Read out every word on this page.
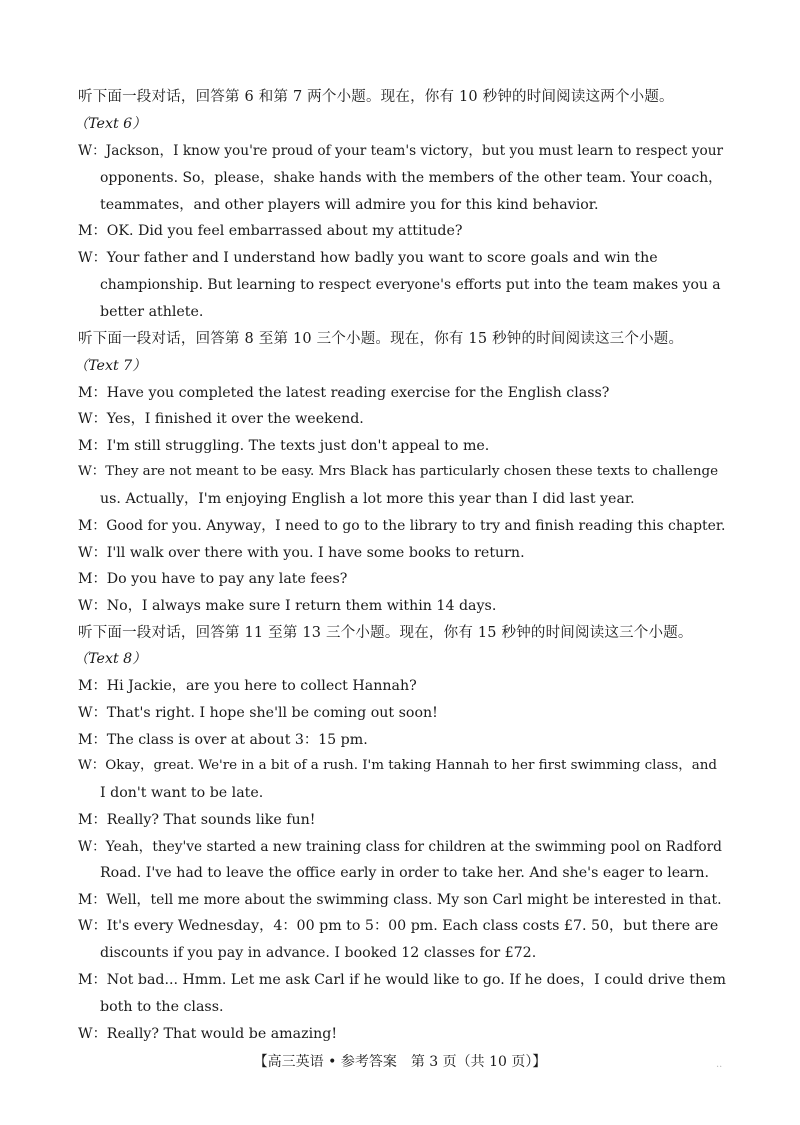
听下面一段对话，回答第 6 和第 7 两个小题。现在，你有 10 秒钟的时间阅读这两个小题。
（Text 6）
W：Jackson，I know you're proud of your team's victory，but you must learn to respect your
opponents. So，please，shake hands with the members of the other team. Your coach，
teammates，and other players will admire you for this kind behavior.
M：OK. Did you feel embarrassed about my attitude?
W：Your father and I understand how badly you want to score goals and win the
championship. But learning to respect everyone's efforts put into the team makes you a
better athlete.
听下面一段对话，回答第 8 至第 10 三个小题。现在，你有 15 秒钟的时间阅读这三个小题。
（Text 7）
M：Have you completed the latest reading exercise for the English class?
W：Yes，I finished it over the weekend.
M：I'm still struggling. The texts just don't appeal to me.
W：They are not meant to be easy. Mrs Black has particularly chosen these texts to challenge
us. Actually，I'm enjoying English a lot more this year than I did last year.
M：Good for you. Anyway，I need to go to the library to try and finish reading this chapter.
W：I'll walk over there with you. I have some books to return.
M：Do you have to pay any late fees?
W：No，I always make sure I return them within 14 days.
听下面一段对话，回答第 11 至第 13 三个小题。现在，你有 15 秒钟的时间阅读这三个小题。
（Text 8）
M：Hi Jackie，are you here to collect Hannah?
W：That's right. I hope she'll be coming out soon!
M：The class is over at about 3：15 pm.
W：Okay，great. We're in a bit of a rush. I'm taking Hannah to her first swimming class，and
I don't want to be late.
M：Really? That sounds like fun!
W：Yeah，they've started a new training class for children at the swimming pool on Radford
Road. I've had to leave the office early in order to take her. And she's eager to learn.
M：Well，tell me more about the swimming class. My son Carl might be interested in that.
W：It's every Wednesday，4：00 pm to 5：00 pm. Each class costs £7. 50，but there are
discounts if you pay in advance. I booked 12 classes for £72.
M：Not bad... Hmm. Let me ask Carl if he would like to go. If he does，I could drive them
both to the class.
W：Really? That would be amazing!
【高三英语 • 参考答案　第 3 页（共 10 页）】	··
